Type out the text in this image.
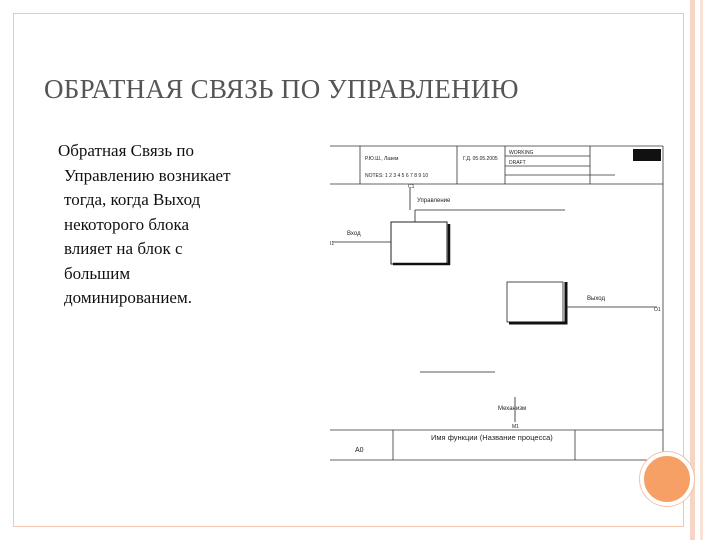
ОБРАТНАЯ СВЯЗЬ ПО УПРАВЛЕНИЮ
Обратная Связь по
Управлению возникает
тогда, когда Выход
некоторого блока
влияет на блок с
большим
доминированием.
Р.Ю.Ш., Лазем
NOTES: 1 2 3 4 5 6 7 8 9 10
Г.Д. 05.05.2005
WORKING
DRAFT
Управление
Вход
I1
Выход
O1
Механизм
M1
C1
A0
Имя функции (Название процесса)
